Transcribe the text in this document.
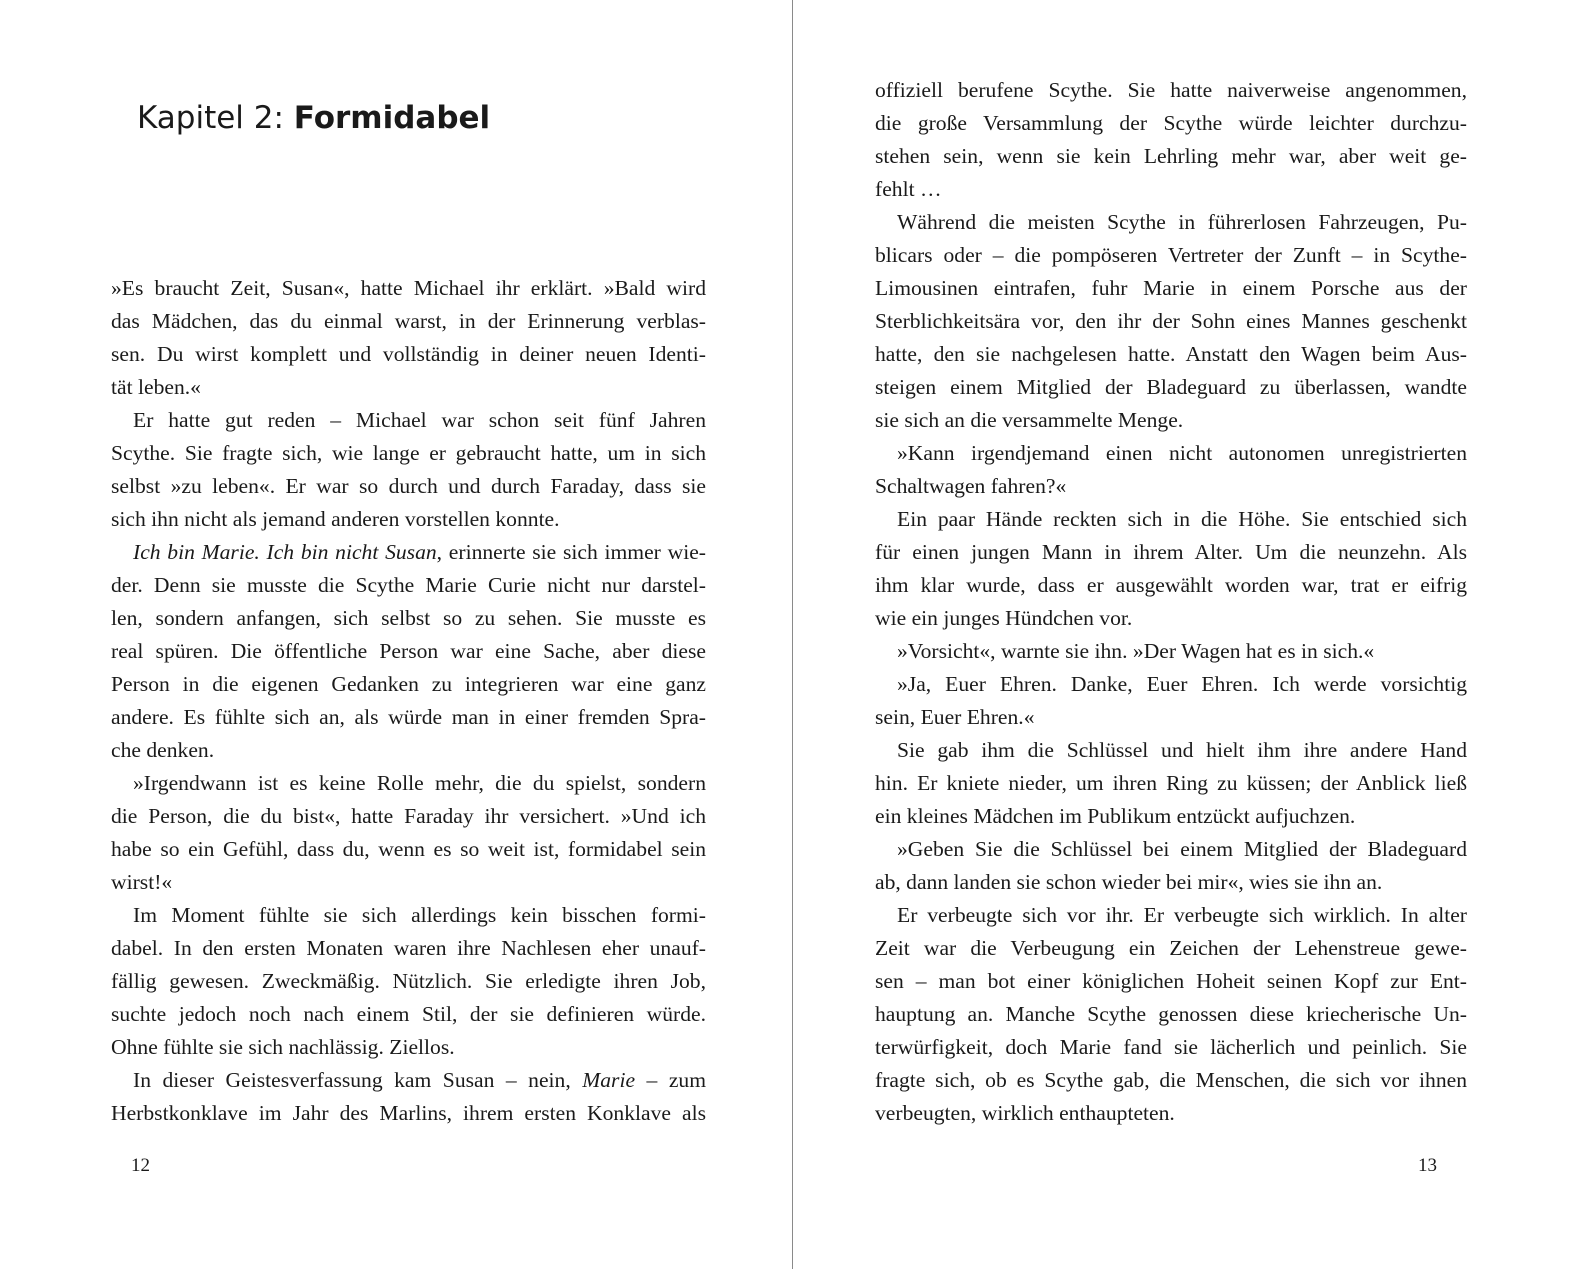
Kapitel 2: Formidabel
»Es braucht Zeit, Susan«, hatte Michael ihr erklärt. »Bald wird
das Mädchen, das du einmal warst, in der Erinnerung verblas-
sen. Du wirst komplett und vollständig in deiner neuen Identi-
tät leben.«
Er hatte gut reden – Michael war schon seit fünf Jahren
Scythe. Sie fragte sich, wie lange er gebraucht hatte, um in sich
selbst »zu leben«. Er war so durch und durch Faraday, dass sie
sich ihn nicht als jemand anderen vorstellen konnte.
Ich bin Marie. Ich bin nicht Susan, erinnerte sie sich immer wie-
der. Denn sie musste die Scythe Marie Curie nicht nur darstel-
len, sondern anfangen, sich selbst so zu sehen. Sie musste es
real spüren. Die öffentliche Person war eine Sache, aber diese
Person in die eigenen Gedanken zu integrieren war eine ganz
andere. Es fühlte sich an, als würde man in einer fremden Spra-
che denken.
»Irgendwann ist es keine Rolle mehr, die du spielst, sondern
die Person, die du bist«, hatte Faraday ihr versichert. »Und ich
habe so ein Gefühl, dass du, wenn es so weit ist, formidabel sein
wirst!«
Im Moment fühlte sie sich allerdings kein bisschen formi-
dabel. In den ersten Monaten waren ihre Nachlesen eher unauf-
fällig gewesen. Zweckmäßig. Nützlich. Sie erledigte ihren Job,
suchte jedoch noch nach einem Stil, der sie definieren würde.
Ohne fühlte sie sich nachlässig. Ziellos.
In dieser Geistesverfassung kam Susan – nein, Marie – zum
Herbstkonklave im Jahr des Marlins, ihrem ersten Konklave als
12
offiziell berufene Scythe. Sie hatte naiverweise angenommen,
die große Versammlung der Scythe würde leichter durchzu-
stehen sein, wenn sie kein Lehrling mehr war, aber weit ge-
fehlt …
Während die meisten Scythe in führerlosen Fahrzeugen, Pu-
blicars oder – die pompöseren Vertreter der Zunft – in Scythe-
Limousinen eintrafen, fuhr Marie in einem Porsche aus der
Sterblichkeitsära vor, den ihr der Sohn eines Mannes geschenkt
hatte, den sie nachgelesen hatte. Anstatt den Wagen beim Aus-
steigen einem Mitglied der Bladeguard zu überlassen, wandte
sie sich an die versammelte Menge.
»Kann irgendjemand einen nicht autonomen unregistrierten
Schaltwagen fahren?«
Ein paar Hände reckten sich in die Höhe. Sie entschied sich
für einen jungen Mann in ihrem Alter. Um die neunzehn. Als
ihm klar wurde, dass er ausgewählt worden war, trat er eifrig
wie ein junges Hündchen vor.
»Vorsicht«, warnte sie ihn. »Der Wagen hat es in sich.«
»Ja, Euer Ehren. Danke, Euer Ehren. Ich werde vorsichtig
sein, Euer Ehren.«
Sie gab ihm die Schlüssel und hielt ihm ihre andere Hand
hin. Er kniete nieder, um ihren Ring zu küssen; der Anblick ließ
ein kleines Mädchen im Publikum entzückt aufjuchzen.
»Geben Sie die Schlüssel bei einem Mitglied der Bladeguard
ab, dann landen sie schon wieder bei mir«, wies sie ihn an.
Er verbeugte sich vor ihr. Er verbeugte sich wirklich. In alter
Zeit war die Verbeugung ein Zeichen der Lehenstreue gewe-
sen – man bot einer königlichen Hoheit seinen Kopf zur Ent-
hauptung an. Manche Scythe genossen diese kriecherische Un-
terwürfigkeit, doch Marie fand sie lächerlich und peinlich. Sie
fragte sich, ob es Scythe gab, die Menschen, die sich vor ihnen
verbeugten, wirklich enthaupteten.
13
